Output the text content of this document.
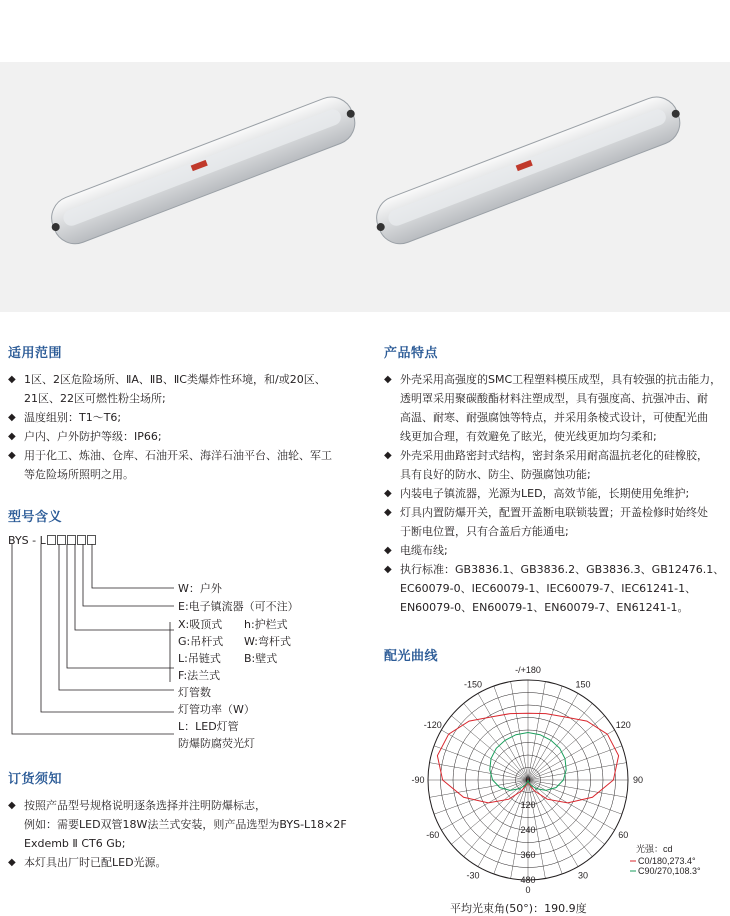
适用范围
◆ 1区、2区危险场所、ⅡA、ⅡB、ⅡC类爆炸性环境，和/或20区、
21区、22区可燃性粉尘场所;
◆ 温度组别：T1～T6;
◆ 户内、户外防护等级：IP66;
◆ 用于化工、炼油、仓库、石油开采、海洋石油平台、油轮、军工
等危险场所照明之用。
型号含义
BYS - L
W：户外
E:电子镇流器（可不注）
X:吸顶式 h:护栏式
G:吊杆式 W:弯杆式
L:吊链式 B:壁式
F:法兰式
灯管数
灯管功率（W）
L：LED灯管
防爆防腐荧光灯
订货须知
◆ 按照产品型号规格说明逐条选择并注明防爆标志，
例如：需要LED双管18W法兰式安装，则产品选型为BYS-L18×2F
Exdemb Ⅱ CT6 Gb;
◆ 本灯具出厂时已配LED光源。
产品特点
◆ 外壳采用高强度的SMC工程塑料模压成型，具有较强的抗击能力，
透明罩采用聚碳酸酯材料注塑成型，具有强度高、抗强冲击、耐
高温、耐寒、耐强腐蚀等特点，并采用条棱式设计，可使配光曲
线更加合理，有效避免了眩光，使光线更加均匀柔和;
◆ 外壳采用曲路密封式结构，密封条采用耐高温抗老化的硅橡胶，
具有良好的防水、防尘、防强腐蚀功能;
◆ 内装电子镇流器，光源为LED，高效节能，长期使用免维护;
◆ 灯具内置防爆开关，配置开盖断电联锁装置；开盖检修时始终处
于断电位置，只有合盖后方能通电;
◆ 电缆布线;
◆ 执行标准：GB3836.1、GB3836.2、GB3836.3、GB12476.1、
EC60079-0、IEC60079-1、IEC60079-7、IEC61241-1、
EN60079-0、EN60079-1、EN60079-7、EN61241-1。
配光曲线
-/+180
150
120
90
60
30
0
-30
-60
-90
-120
-150
0
120
240
360
480
光强：cd
C0/180,273.4°
C90/270,108.3°
平均光束角(50°)：190.9度
